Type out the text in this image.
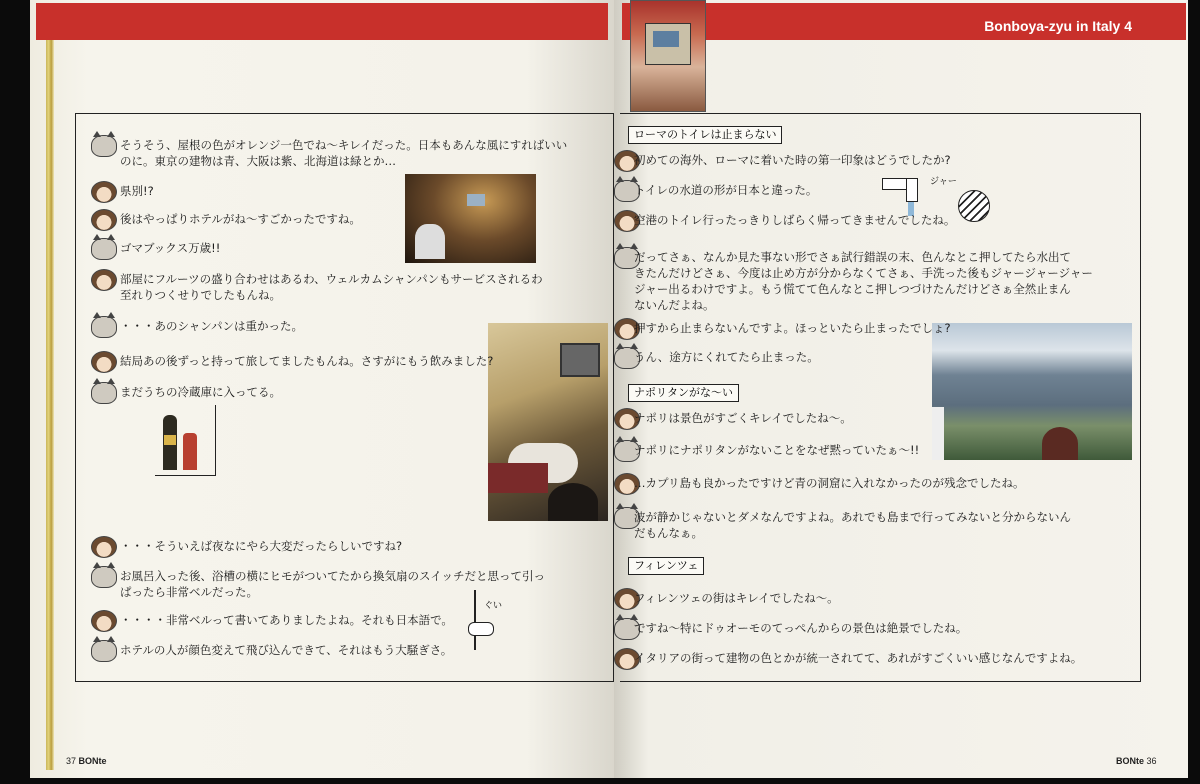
Bonboya-zyu in Italy 4
ぐい
ジャー
そうそう、屋根の色がオレンジ一色でね〜キレイだった。日本もあんな風にすればいい
のに。東京の建物は青、大阪は紫、北海道は緑とか…
県別!?
後はやっぱりホテルがね〜すごかったですね。
ゴマブックス万歳!!
部屋にフルーツの盛り合わせはあるわ、ウェルカムシャンパンもサービスされるわ
至れりつくせりでしたもんね。
・・・あのシャンパンは重かった。
結局あの後ずっと持って旅してましたもんね。さすがにもう飲みました?
まだうちの冷蔵庫に入ってる。
・・・そういえば夜なにやら大変だったらしいですね?
お風呂入った後、浴槽の横にヒモがついてたから換気扇のスイッチだと思って引っ
ぱったら非常ベルだった。
・・・・非常ベルって書いてありましたよね。それも日本語で。
ホテルの人が顔色変えて飛び込んできて、それはもう大騒ぎさ。
ローマのトイレは止まらない
初めての海外、ローマに着いた時の第一印象はどうでしたか?
トイレの水道の形が日本と違った。
空港のトイレ行ったっきりしばらく帰ってきませんでしたね。
だってさぁ、なんか見た事ない形でさぁ試行錯誤の末、色んなとこ押してたら水出て
きたんだけどさぁ、今度は止め方が分からなくてさぁ、手洗った後もジャージャージャー
ジャー出るわけですよ。もう慌てて色んなとこ押しつづけたんだけどさぁ全然止まん
ないんだよね。
押すから止まらないんですよ。ほっといたら止まったでしょ?
うん、途方にくれてたら止まった。
ナポリタンがな〜い
ナポリは景色がすごくキレイでしたね〜。
ナポリにナポリタンがないことをなぜ黙っていたぁ〜!!
…カプリ島も良かったですけど青の洞窟に入れなかったのが残念でしたね。
波が静かじゃないとダメなんですよね。あれでも島まで行ってみないと分からないん
だもんなぁ。
フィレンツェ
フィレンツェの街はキレイでしたね〜。
ですね〜特にドゥオーモのてっぺんからの景色は絶景でしたね。
イタリアの街って建物の色とかが統一されてて、あれがすごくいい感じなんですよね。
37 BONte	BONte 36
